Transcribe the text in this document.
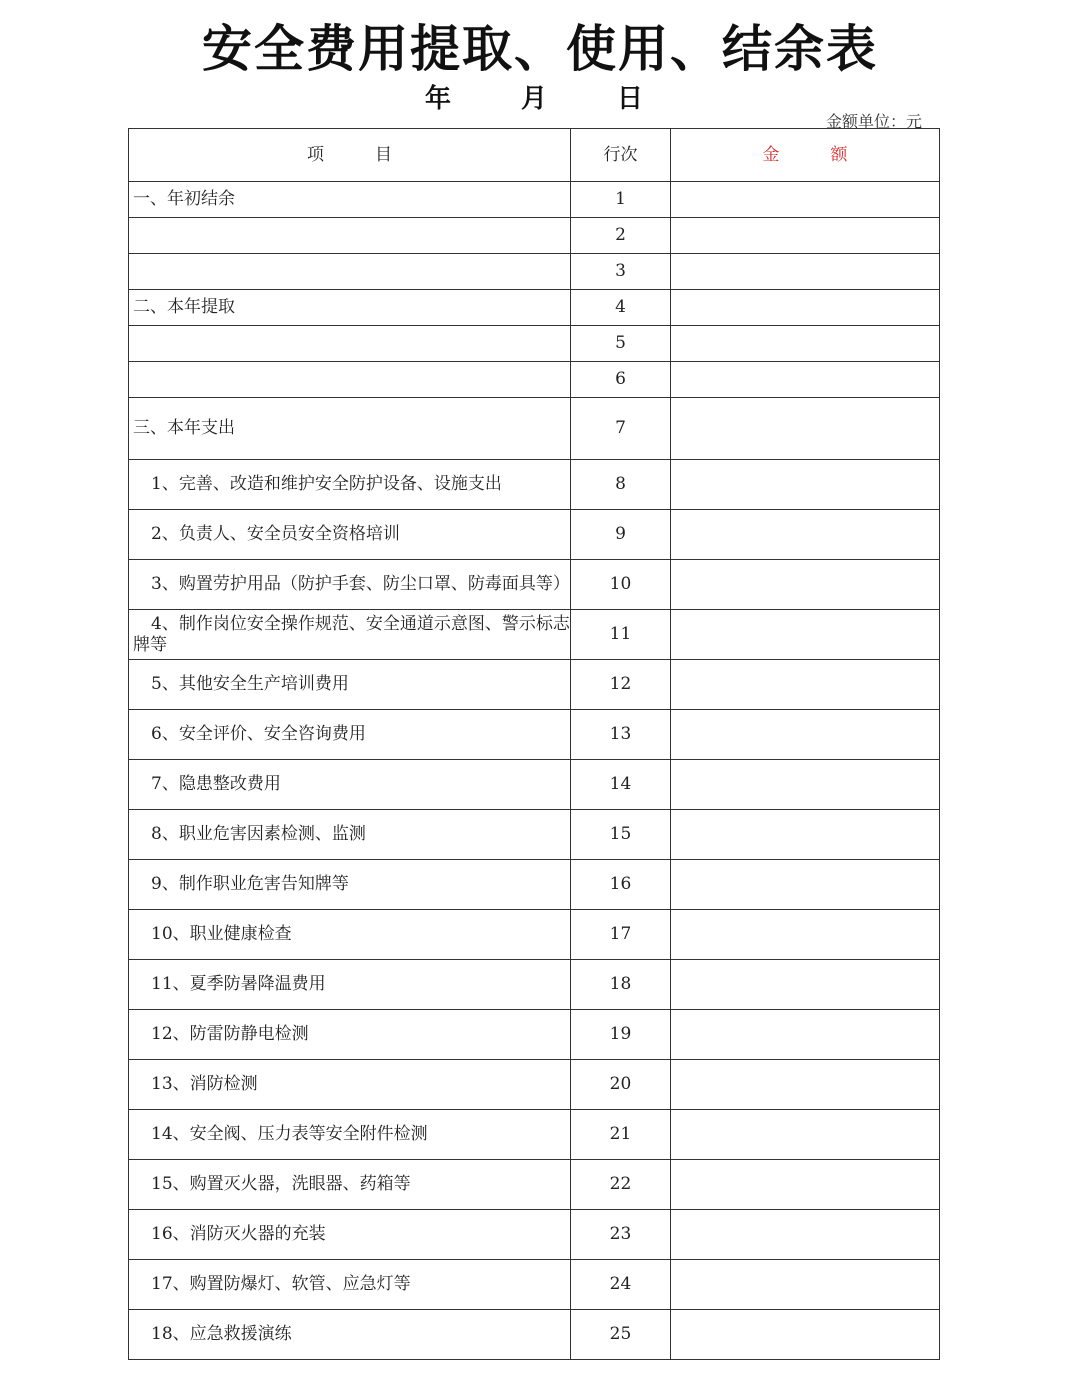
安全费用提取、使用、结余表
年	月	日
金额单位：元
项　　　目	行次	金　　　额
一、年初结余	1	
	2	
	3	
二、本年提取	4	
	5	
	6	
三、本年支出	7	
1、完善、改造和维护安全防护设备、设施支出	8	
2、负责人、安全员安全资格培训	9	
3、购置劳护用品（防护手套、防尘口罩、防毒面具等）	10	
4、制作岗位安全操作规范、安全通道示意图、警示标志牌等	11	
5、其他安全生产培训费用	12	
6、安全评价、安全咨询费用	13	
7、隐患整改费用	14	
8、职业危害因素检测、监测	15	
9、制作职业危害告知牌等	16	
10、职业健康检查	17	
11、夏季防暑降温费用	18	
12、防雷防静电检测	19	
13、消防检测	20	
14、安全阀、压力表等安全附件检测	21	
15、购置灭火器，洗眼器、药箱等	22	
16、消防灭火器的充装	23	
17、购置防爆灯、软管、应急灯等	24	
18、应急救援演练	25	
